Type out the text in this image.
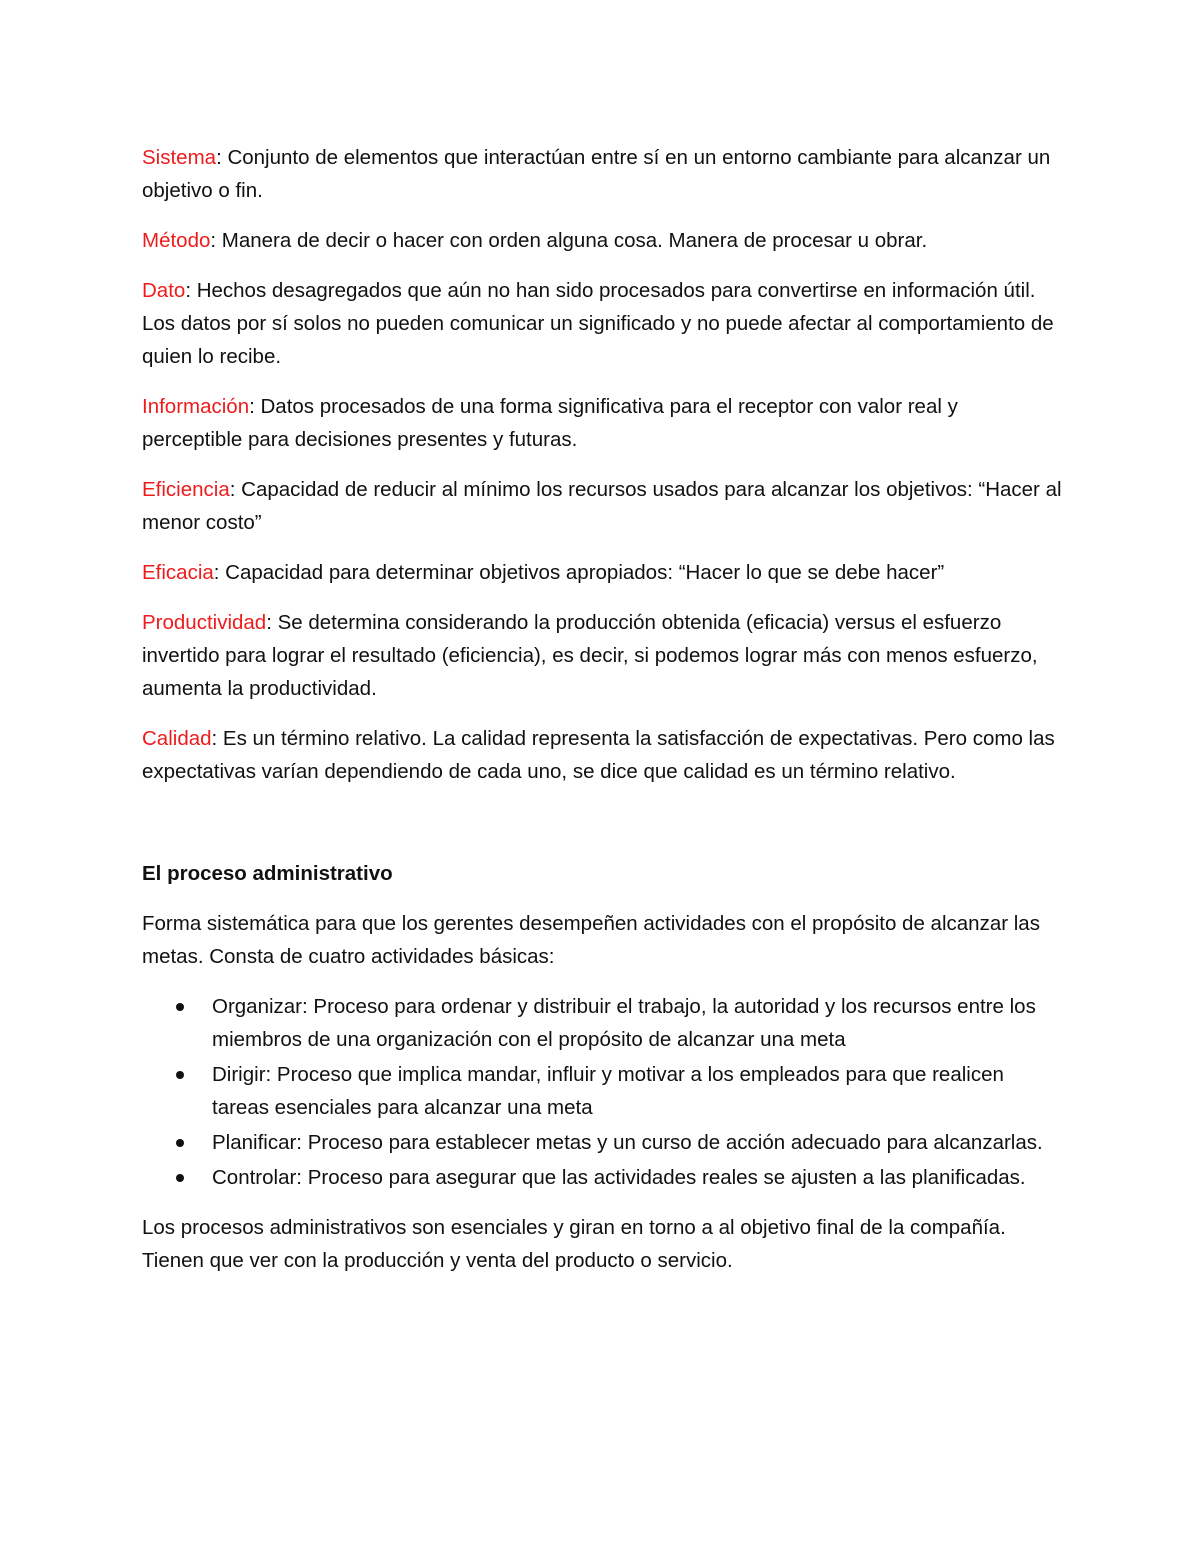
Sistema: Conjunto de elementos que interactúan entre sí en un entorno cambiante para alcanzar un objetivo o fin.

Método: Manera de decir o hacer con orden alguna cosa. Manera de procesar u obrar.

Dato: Hechos desagregados que aún no han sido procesados para convertirse en información útil. Los datos por sí solos no pueden comunicar un significado y no puede afectar al comportamiento de quien lo recibe.

Información: Datos procesados de una forma significativa para el receptor con valor real y perceptible para decisiones presentes y futuras.

Eficiencia: Capacidad de reducir al mínimo los recursos usados para alcanzar los objetivos: “Hacer al menor costo”

Eficacia: Capacidad para determinar objetivos apropiados: “Hacer lo que se debe hacer”

Productividad: Se determina considerando la producción obtenida (eficacia) versus el esfuerzo invertido para lograr el resultado (eficiencia), es decir, si podemos lograr más con menos esfuerzo, aumenta la productividad.

Calidad: Es un término relativo. La calidad representa la satisfacción de expectativas. Pero como las expectativas varían dependiendo de cada uno, se dice que calidad es un término relativo.

El proceso administrativo

Forma sistemática para que los gerentes desempeñen actividades con el propósito de alcanzar las metas. Consta de cuatro actividades básicas:

Organizar: Proceso para ordenar y distribuir el trabajo, la autoridad y los recursos entre los miembros de una organización con el propósito de alcanzar una meta
Dirigir: Proceso que implica mandar, influir y motivar a los empleados para que realicen tareas esenciales para alcanzar una meta
Planificar: Proceso para establecer metas y un curso de acción adecuado para alcanzarlas.
Controlar: Proceso para asegurar que las actividades reales se ajusten a las planificadas.

Los procesos administrativos son esenciales y giran en torno a al objetivo final de la compañía. Tienen que ver con la producción y venta del producto o servicio.
